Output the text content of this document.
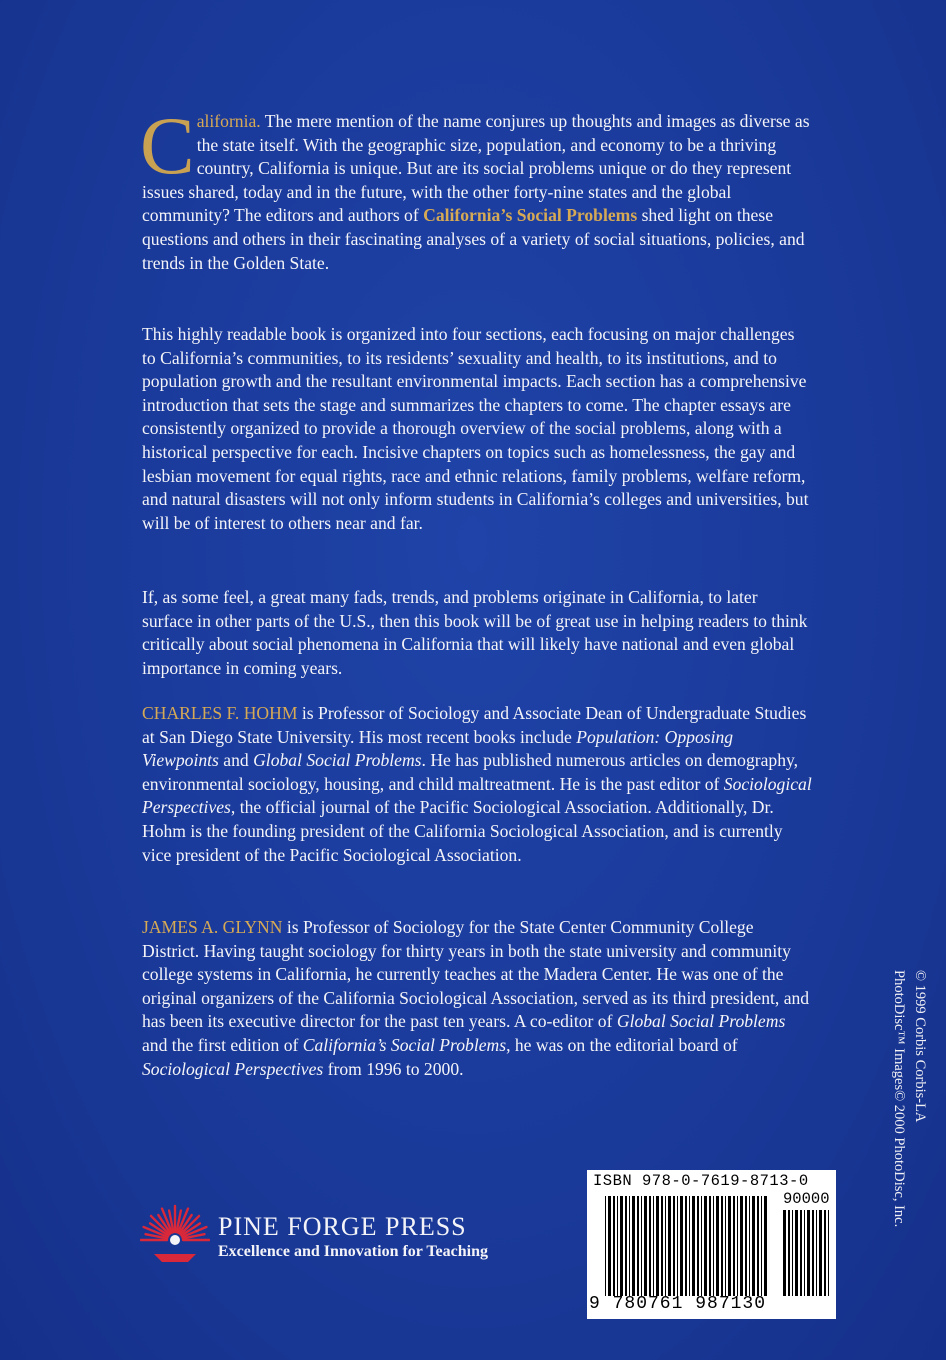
California. The mere mention of the name conjures up thoughts and images as diverse as the state itself. With the geographic size, population, and economy to be a thriving country, California is unique. But are its social problems unique or do they represent issues shared, today and in the future, with the other forty-nine states and the global community? The editors and authors of California’s Social Problems shed light on these questions and others in their fascinating analyses of a variety of social situations, policies, and trends in the Golden State.

This highly readable book is organized into four sections, each focusing on major challenges to California’s communities, to its residents’ sexuality and health, to its institutions, and to population growth and the resultant environmental impacts. Each section has a comprehensive introduction that sets the stage and summarizes the chapters to come. The chapter essays are consistently organized to provide a thorough overview of the social problems, along with a historical perspective for each. Incisive chapters on topics such as homelessness, the gay and lesbian movement for equal rights, race and ethnic relations, family problems, welfare reform, and natural disasters will not only inform students in California’s colleges and universities, but will be of interest to others near and far.

If, as some feel, a great many fads, trends, and problems originate in California, to later surface in other parts of the U.S., then this book will be of great use in helping readers to think critically about social phenomena in California that will likely have national and even global importance in coming years.

CHARLES F. HOHM is Professor of Sociology and Associate Dean of Undergraduate Studies at San Diego State University. His most recent books include Population: Opposing Viewpoints and Global Social Problems. He has published numerous articles on demography, environmental sociology, housing, and child maltreatment. He is the past editor of Sociological Perspectives, the official journal of the Pacific Sociological Association. Additionally, Dr. Hohm is the founding president of the California Sociological Association, and is currently vice president of the Pacific Sociological Association.

JAMES A. GLYNN is Professor of Sociology for the State Center Community College District. Having taught sociology for thirty years in both the state university and community college systems in California, he currently teaches at the Madera Center. He was one of the original organizers of the California Sociological Association, served as its third president, and has been its executive director for the past ten years. A co-editor of Global Social Problems and the first edition of California’s Social Problems, he was on the editorial board of Sociological Perspectives from 1996 to 2000.	© 1999 Corbis Corbis-LA
PhotoDisc™ Images© 2000 PhotoDisc, Inc.
PINE FORGE PRESS
Excellence and Innovation for Teaching
ISBN 978-0-7619-8713-0
90000
9 780761 987130
